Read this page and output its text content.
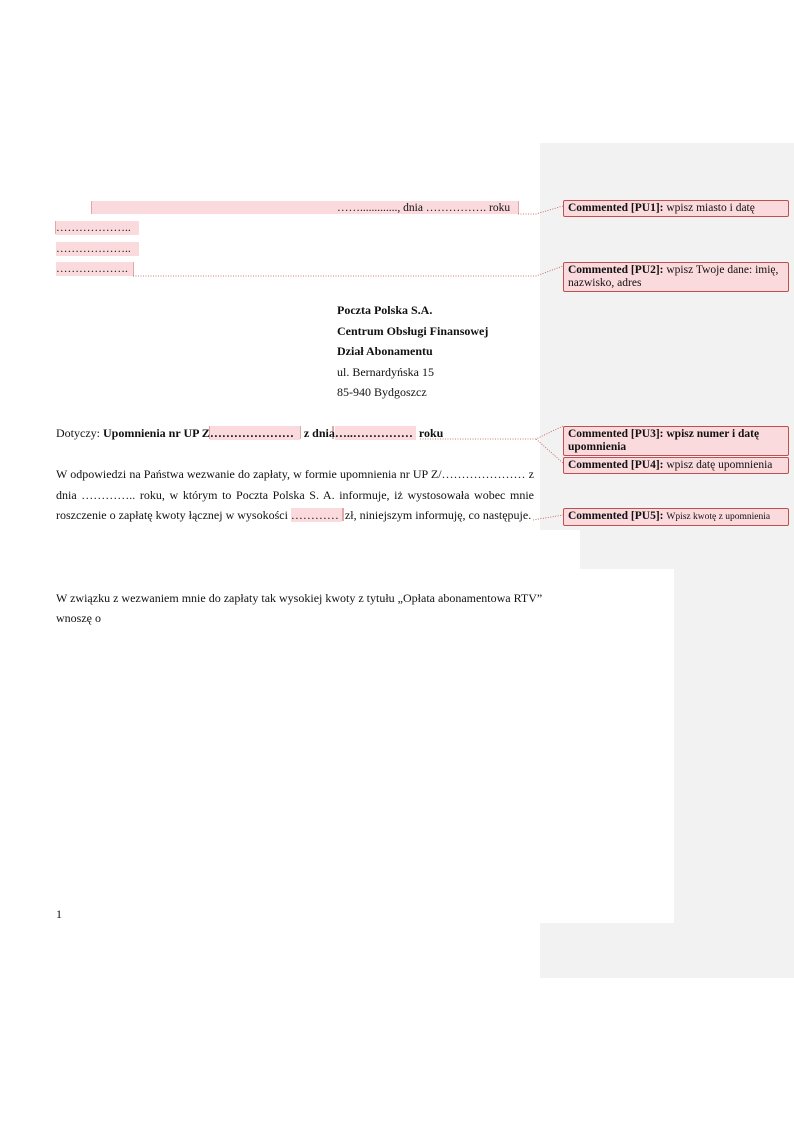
……............., dnia ……………. roku
………………..
………………..
……………….
Poczta Polska S.A.
Centrum Obsługi Finansowej
Dział Abonamentu
ul. Bernardyńska 15
85-940 Bydgoszcz
Dotyczy: Upomnienia nr UP Z………………… z dnia…..…………… roku
W odpowiedzi na Państwa wezwanie do zapłaty, w formie upomnienia nr UP Z/………………… z
dnia ………….. roku, w którym to Poczta Polska S. A. informuje, iż wystosowała wobec mnie
roszczenie o zapłatę kwoty łącznej w wysokości ………… zł, niniejszym informuję, co następuje.
W związku z wezwaniem mnie do zapłaty tak wysokiej kwoty z tytułu „Opłata abonamentowa RTV”
wnoszę o
1
Commented [PU1]: wpisz miasto i datę
Commented [PU2]: wpisz Twoje dane: imię, nazwisko, adres
Commented [PU3]: wpisz numer i datę upomnienia
Commented [PU4]: wpisz datę upomnienia
Commented [PU5]: Wpisz kwotę z upomnienia
